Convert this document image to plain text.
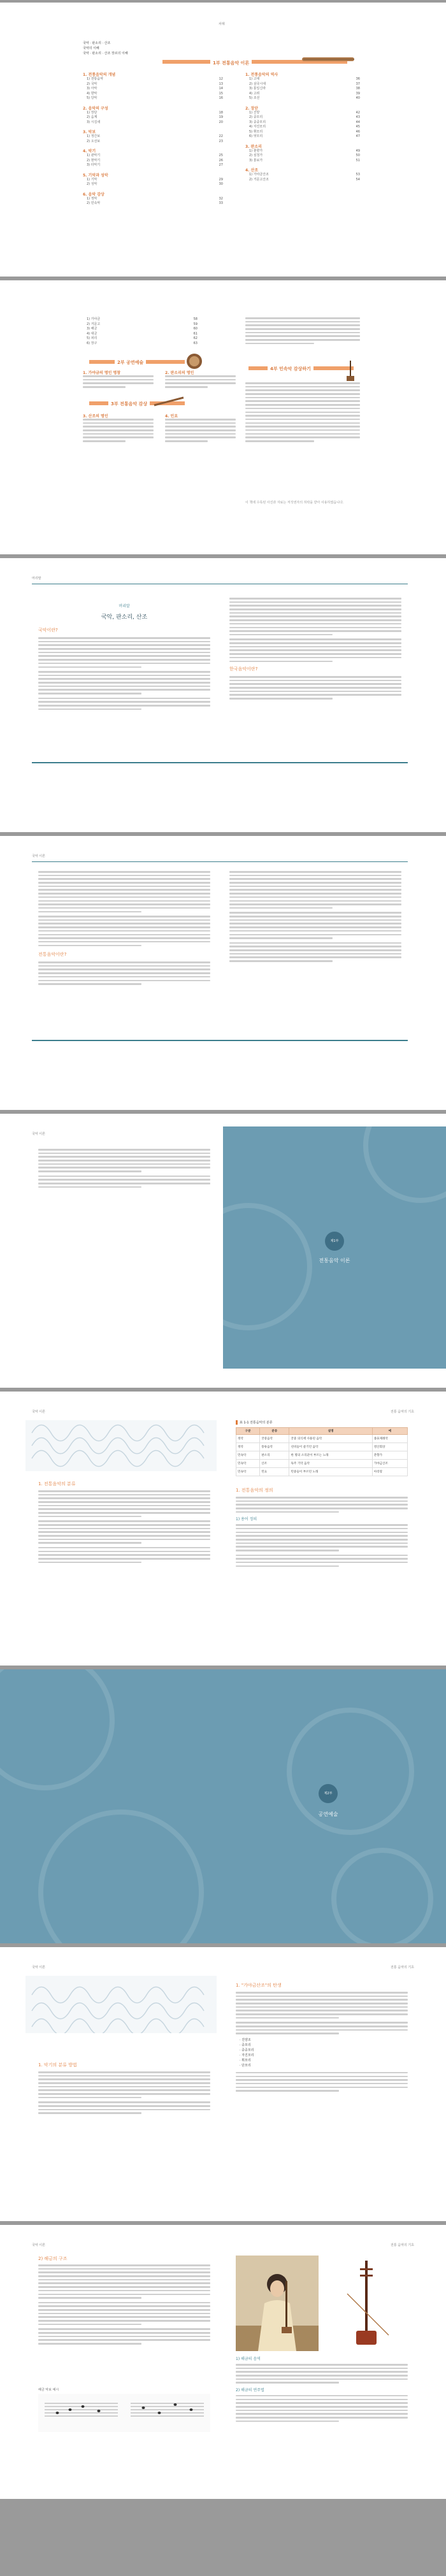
차례
국악 · 판소리 · 산조
국악의 이해
국악 · 판소리 · 산조 장르의 이해
1부 전통음악 이론
1. 전통음악의 개념
1) 전통음악	12
2) 국악	13
3) 아악	14
4) 향악	15
5) 당악	16
2. 음악의 구성
1) 장단	18
2) 음계	19
3) 시김새	20
3. 악보
1) 정간보	22
2) 오선보	23
4. 악기
1) 관악기	25
2) 현악기	26
3) 타악기	27
5. 기악과 성악
1) 기악	29
2) 성악	30
6. 음악 감상
1) 정악	32
2) 민속악	33
1. 전통음악의 역사
1) 고대	36
2) 삼국시대	37
3) 통일신라	38
4) 고려	39
5) 조선	40
2. 장단
1) 진양	42
2) 중모리	43
3) 중중모리	44
4) 자진모리	45
5) 휘모리	46
6) 엇모리	47
3. 판소리
1) 춘향가	49
2) 심청가	50
3) 흥보가	51
4. 산조
1) 가야금산조	53
2) 거문고산조	54
1) 가야금	58
2) 거문고	59
3) 해금	60
4) 대금	61
5) 피리	62
6) 장구	63
2부 공연예술
1. 가야금의 명인 명창	2. 판소리의 명인
3부 전통음악 감상
3. 산조의 명인	4. 민요
4부 민속악 감상하기
이 책에 수록된 사진과 자료는 저작권자의 허락을 받아 사용하였습니다.
머리말
머리말
국악, 판소리, 산조
국악이란?
한국음악이란?
국악 이론
전통음악이란?
국악 이론
제1부
전통음악 이론
국악 이론	전통 음악의 기초
1. 전통음악의 분류
표 1-1 전통음악의 분류
구분	분류	설명	예
정악	궁중음악	궁중 의식에 사용된 음악	종묘제례악
정악	풍류음악	선비들이 즐기던 음악	영산회상
민속악	판소리	한 명의 소리꾼이 부르는 노래	춘향가
민속악	산조	독주 기악 음악	가야금산조
민속악	민요	민중들이 부르던 노래	아리랑
1. 전통음악의 정의
1) 용어 정의
제2부
공연예술
국악 이론	전통 음악의 기초
1. 악기의 분류 방법
1. "가야금산조"의 탄생
· 진양조
· 중모리
· 중중모리
· 자진모리
· 휘모리
· 단모리
국악 이론	전통 음악의 기초
2) 해금의 구조
해금 악보 예시
1) 해금의 음역
2) 해금의 연주법
